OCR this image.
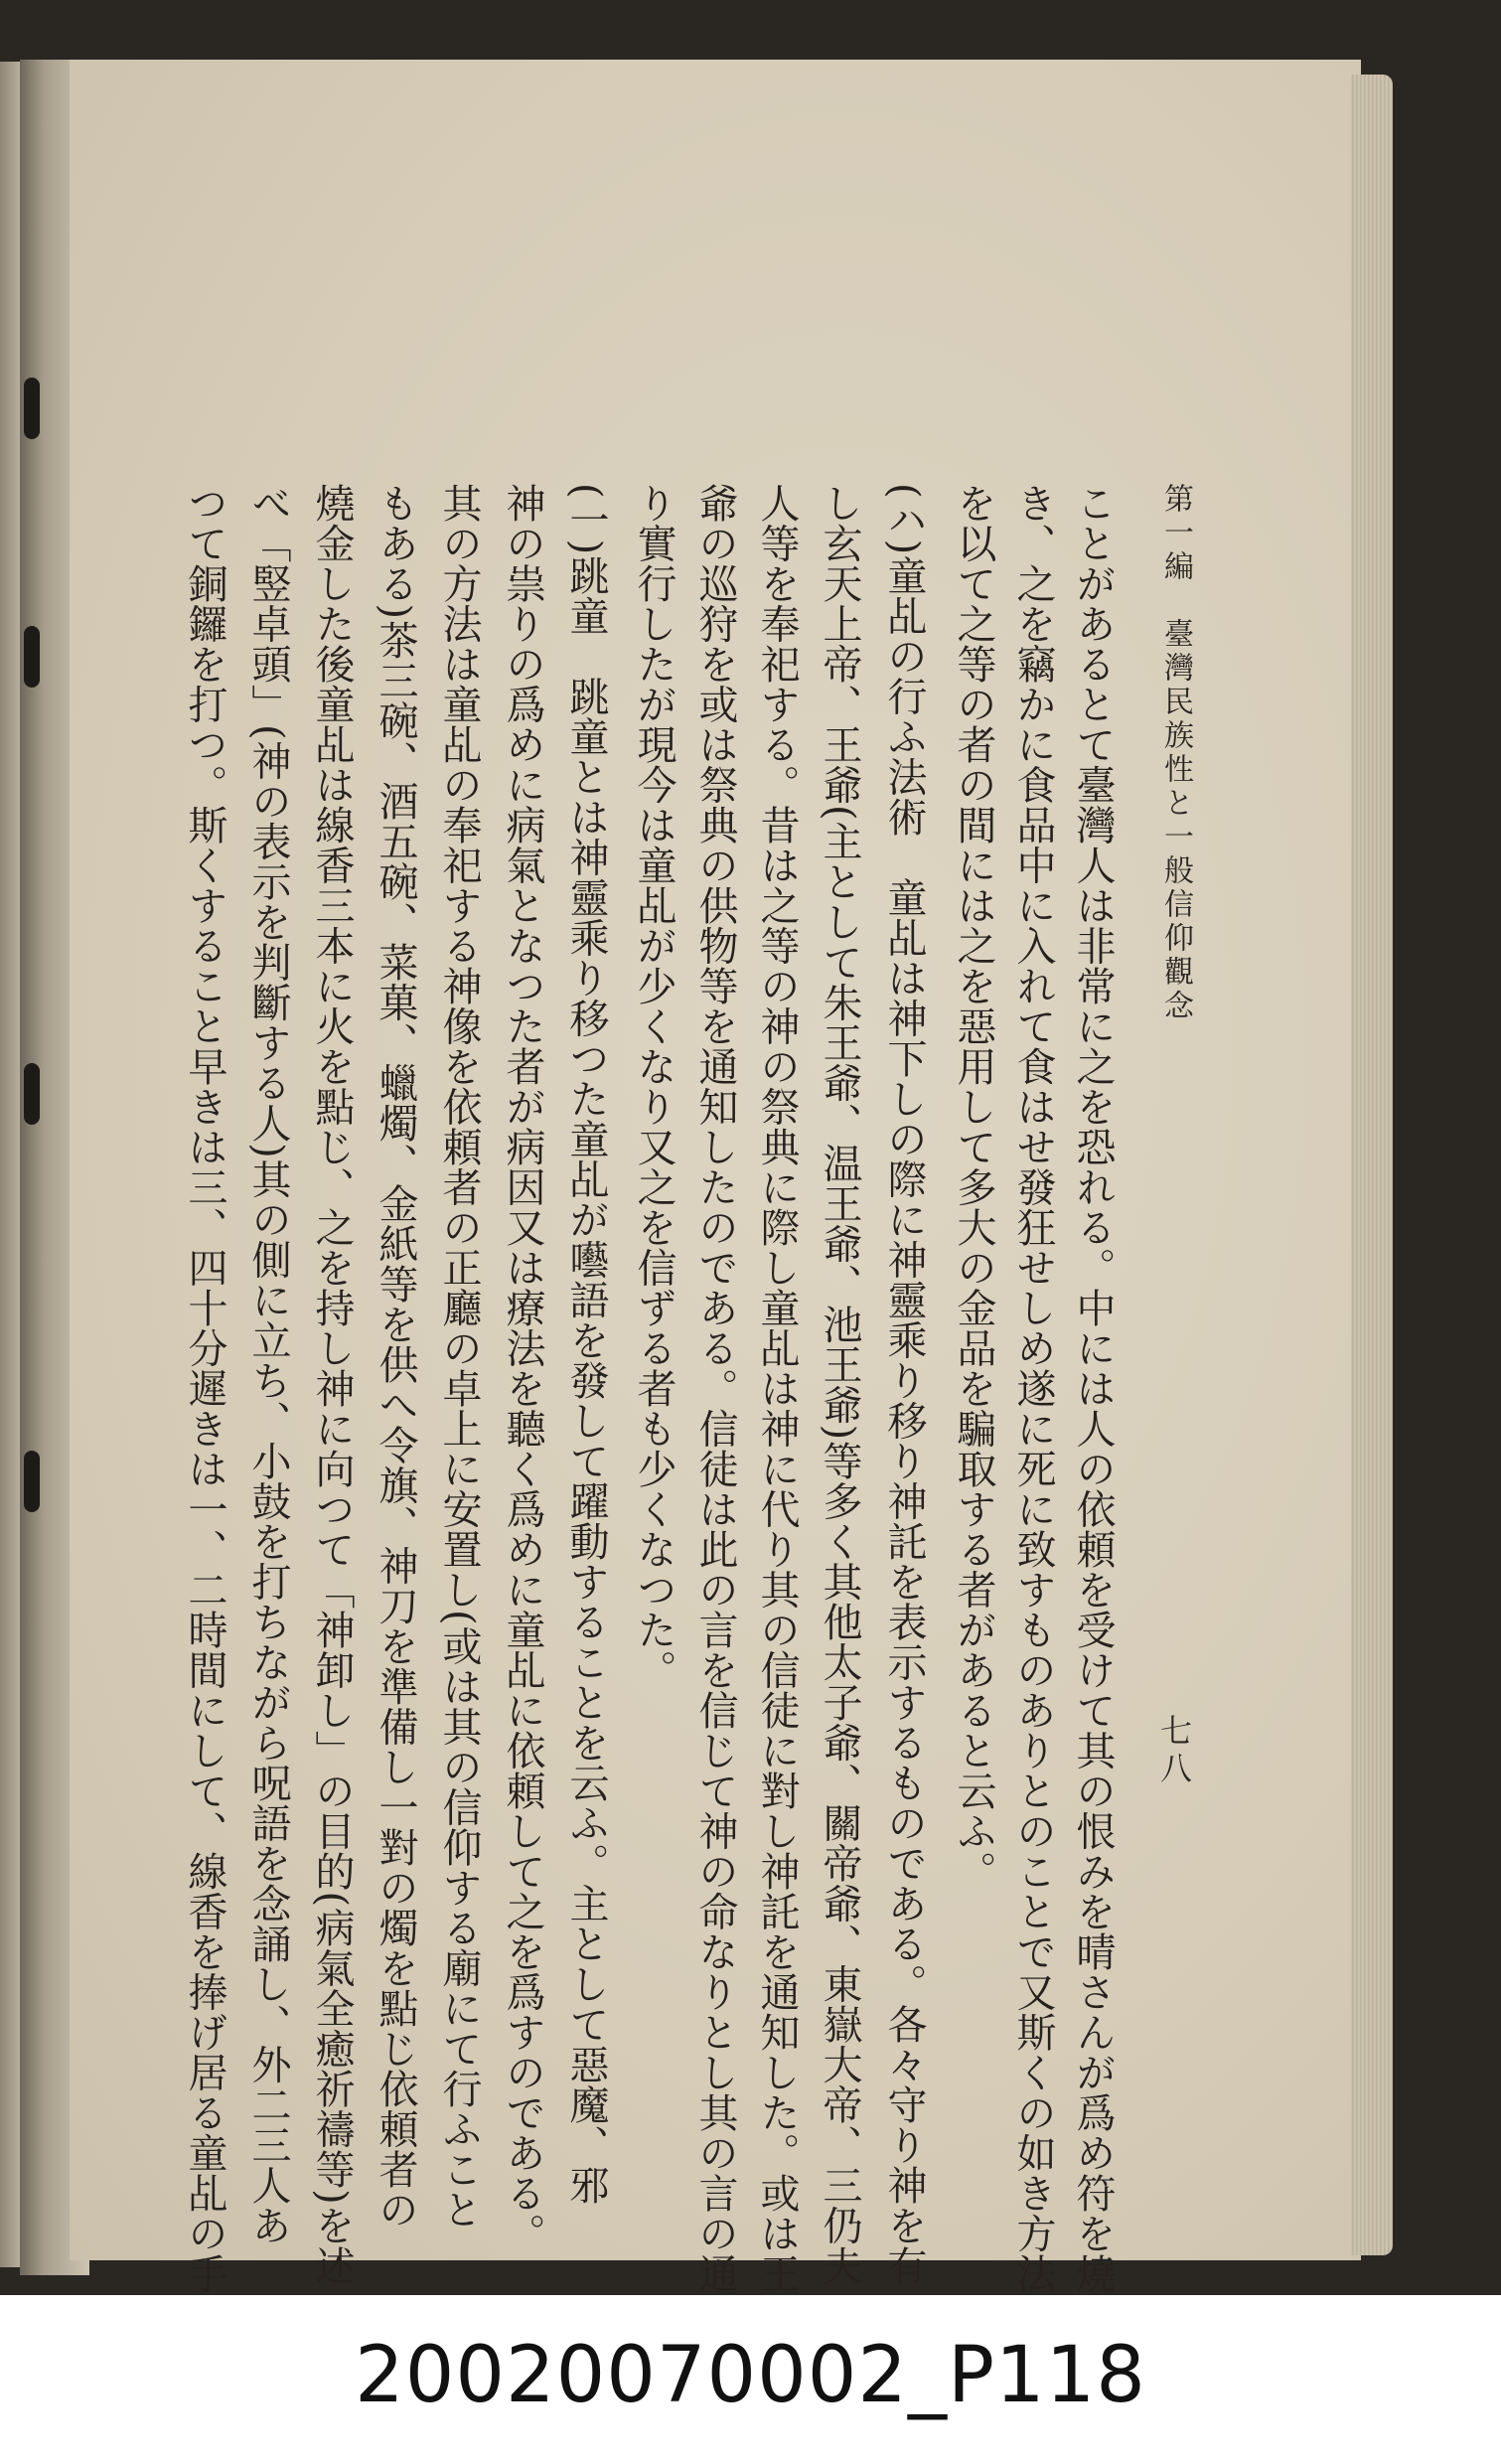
第一編　臺灣民族性と一般信仰觀念
七八
ことがあるとて臺灣人は非常に之を恐れる。中には人の依頼を受けて其の恨みを晴さんが爲め符を燒
き、之を竊かに食品中に入れて食はせ發狂せしめ遂に死に致すものありとのことで又斯くの如き方法
を以て之等の者の間には之を惡用して多大の金品を騙取する者があると云ふ。
(ハ)童乩の行ふ法術　童乩は神下しの際に神靈乘り移り神託を表示するものである。各々守り神を有
し玄天上帝、王爺(主として朱王爺、温王爺、池王爺)等多く其他太子爺、關帝爺、東嶽大帝、三仍夫
人等を奉祀する。昔は之等の神の祭典に際し童乩は神に代り其の信徒に對し神託を通知した。或は王
爺の巡狩を或は祭典の供物等を通知したのである。信徒は此の言を信じて神の命なりとし其の言の通
り實行したが現今は童乩が少くなり又之を信ずる者も少くなつた。
(一)跳童　跳童とは神靈乘り移つた童乩が囈語を發して躍動することを云ふ。主として惡魔、邪
神の祟りの爲めに病氣となつた者が病因又は療法を聽く爲めに童乩に依頼して之を爲すのである。
其の方法は童乩の奉祀する神像を依頼者の正廳の卓上に安置し(或は其の信仰する廟にて行ふこと
もある)茶三碗、酒五碗、菜菓、蠟燭、金紙等を供へ令旗、神刀を準備し一對の燭を點じ依頼者の
燒金した後童乩は線香三本に火を點じ、之を持し神に向つて「神卸し」の目的(病氣全癒祈禱等)を述
べ「竪卓頭」(神の表示を判斷する人)其の側に立ち、小鼓を打ちながら呪語を念誦し、外二三人あ
つて銅鑼を打つ。斯くすること早きは三、四十分遲きは一、二時間にして、線香を捧げ居る童乩の手
20020070002_P118
